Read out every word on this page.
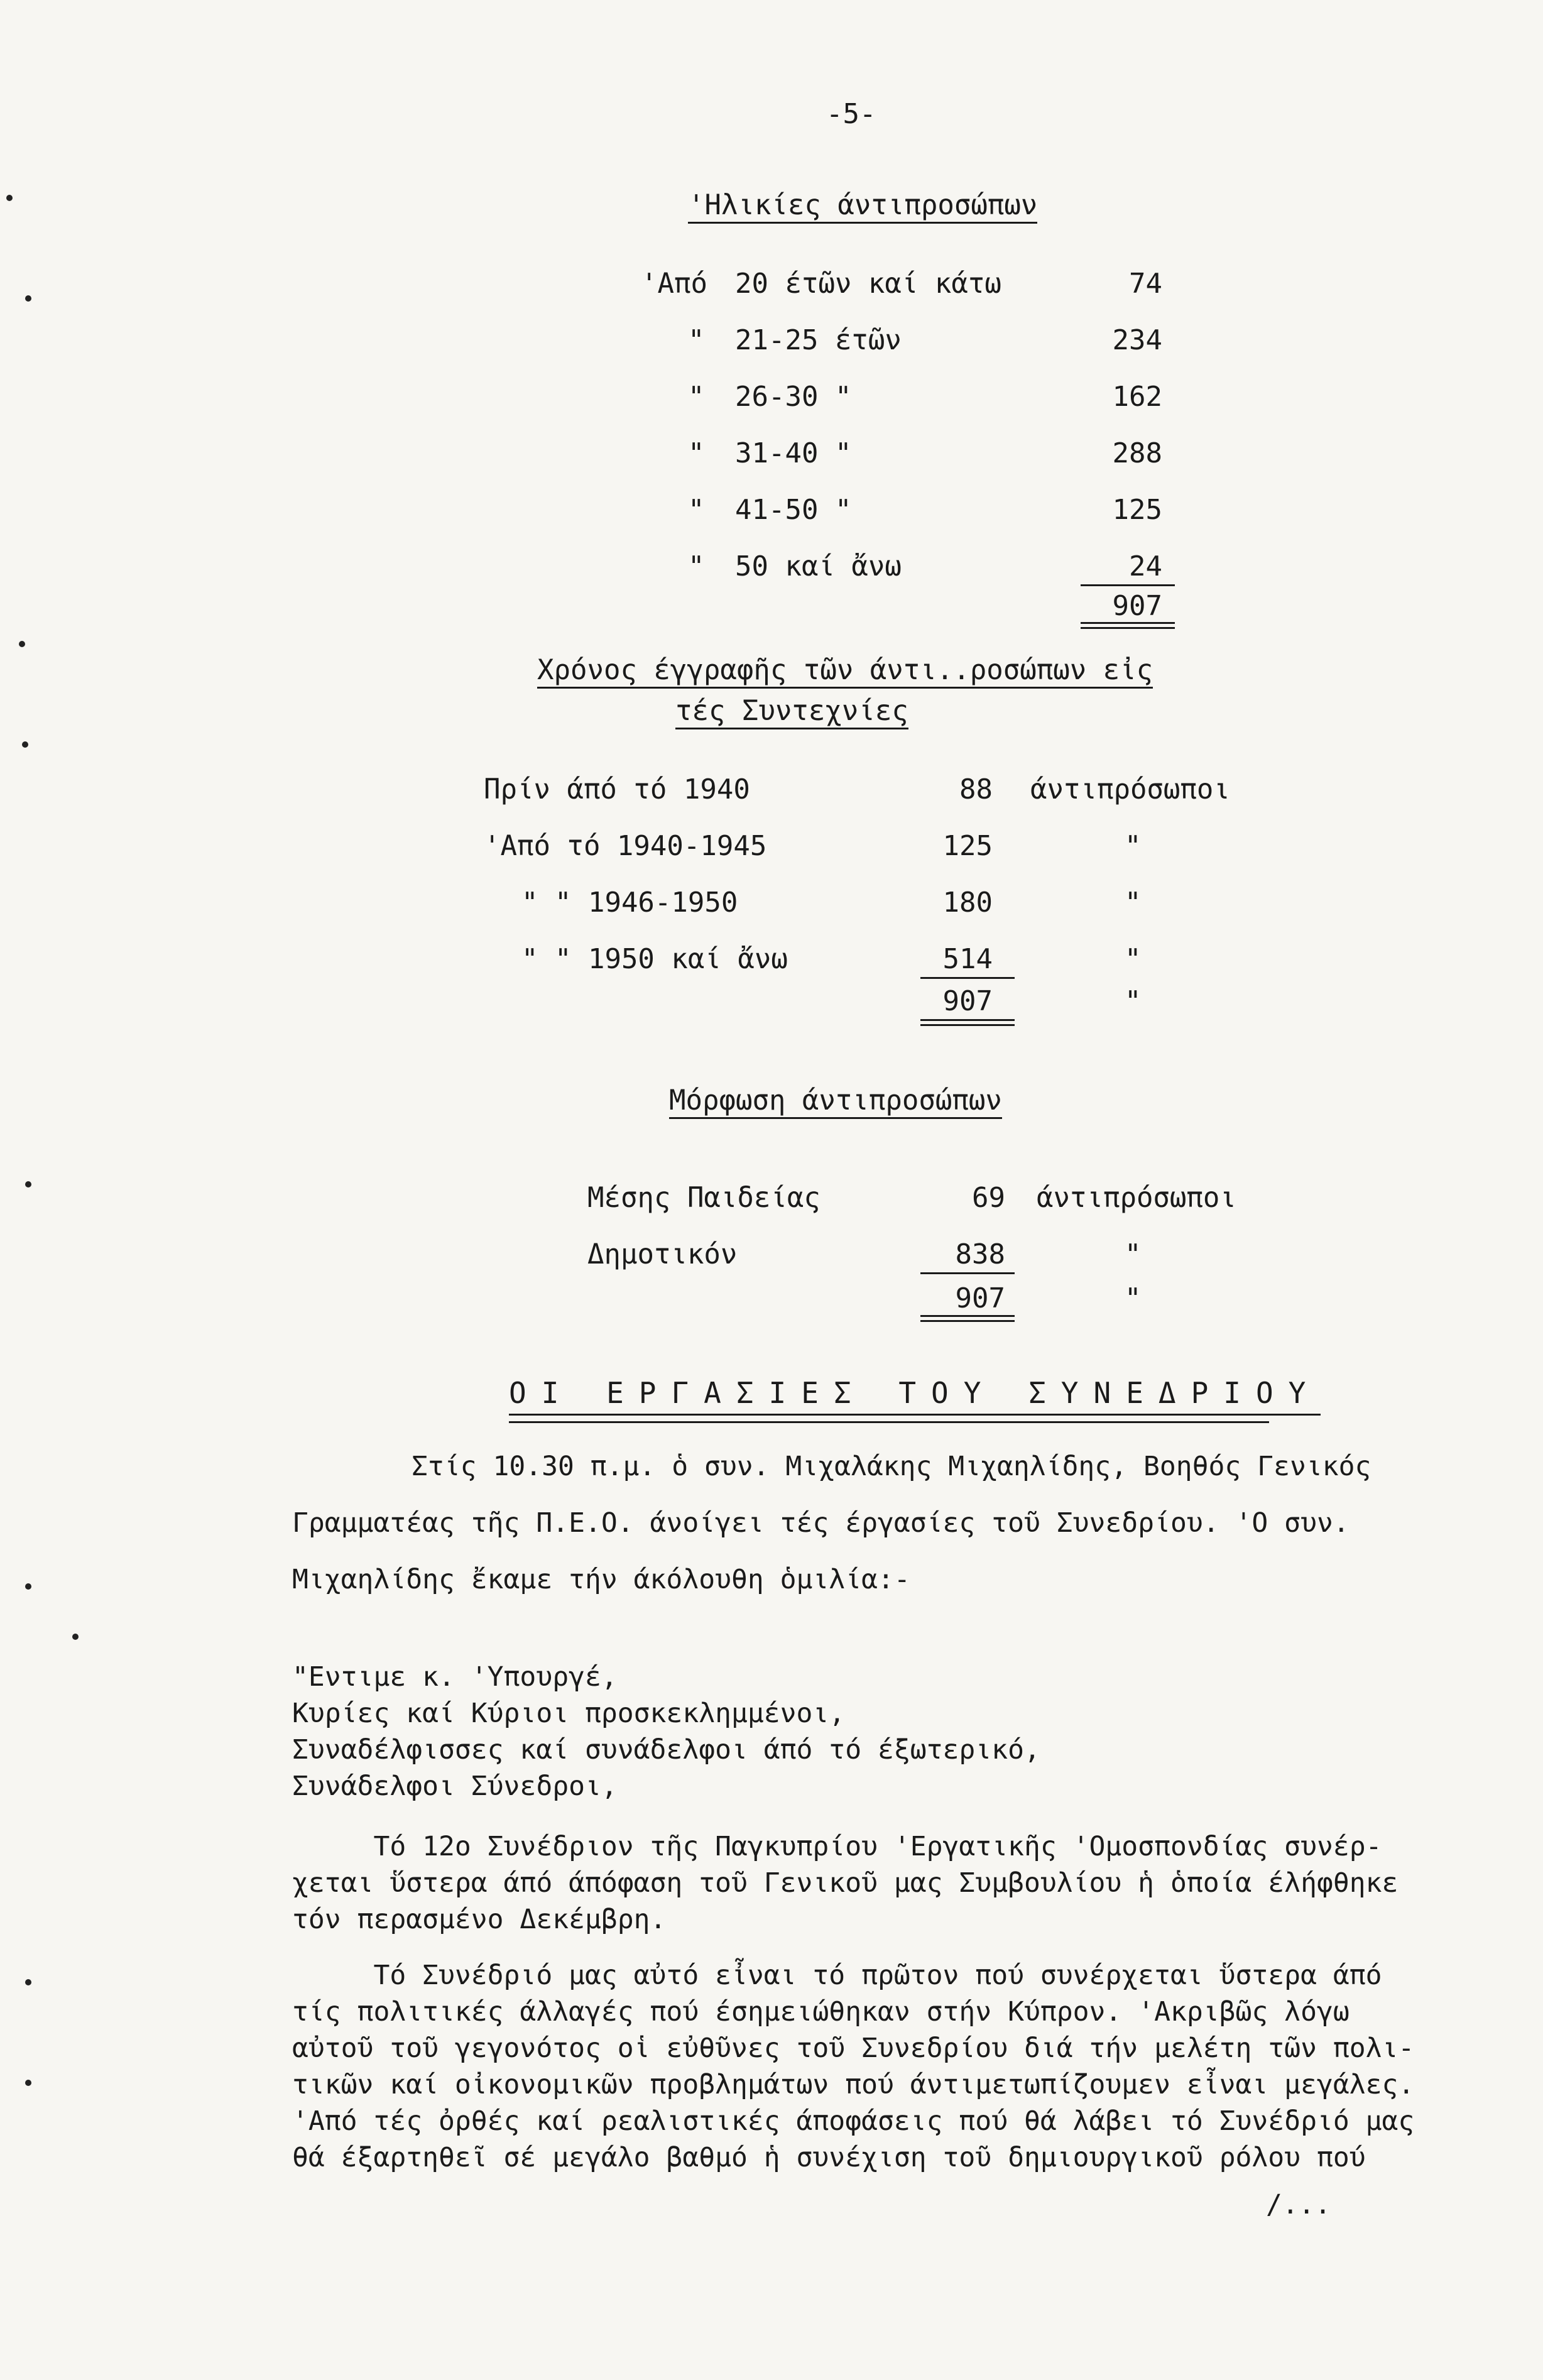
-5-
'Ηλικίες άντιπροσώπων
'Από 20 έτῶν καί κάτω	74
" 21-25 έτῶν	234
" 26-30 "	162
" 31-40 "	288
" 41-50 "	125
" 50 καί ἄνω	24
907
Χρόνος έγγραφῆς τῶν άντι..ροσώπων εἰς
τές Συντεχνίες
Πρίν άπό τό 1940	88 άντιπρόσωποι
'Από τό 1940-1945	125	"
" " 1946-1950	180	"
" " 1950 καί ἄνω	514	"
907	"
Μόρφωση άντιπροσώπων
Μέσης Παιδείας	69 άντιπρόσωποι
Δημοτικόν	838	"
907	"
ΟΙ ΕΡΓΑΣΙΕΣ ΤΟΥ ΣΥΝΕΔΡΙΟΥ
Στίς 10.30 π.μ. ὁ συν. Μιχαλάκης Μιχαηλίδης, Βοηθός Γενικός
Γραμματέας τῆς Π.Ε.Ο. άνοίγει τές έργασίες τοῦ Συνεδρίου. 'Ο συν.
Μιχαηλίδης ἔκαμε τήν άκόλουθη ὁμιλία:-
"Εντιμε κ. 'Υπουργέ,
Κυρίες καί Κύριοι προσκεκλημμένοι,
Συναδέλφισσες καί συνάδελφοι άπό τό έξωτερικό,
Συνάδελφοι Σύνεδροι,
Τό 12ο Συνέδριον τῆς Παγκυπρίου 'Εργατικῆς 'Ομοσπονδίας συνέρ-
χεται ὕστερα άπό άπόφαση τοῦ Γενικοῦ μας Συμβουλίου ἡ ὁποία έλήφθηκε
τόν περασμένο Δεκέμβρη.
Τό Συνέδριό μας αὐτό εἶναι τό πρῶτον πού συνέρχεται ὕστερα άπό
τίς πολιτικές άλλαγές πού έσημειώθηκαν στήν Κύπρον. 'Ακριβῶς λόγω
αὐτοῦ τοῦ γεγονότος οἱ εὐθῦνες τοῦ Συνεδρίου διά τήν μελέτη τῶν πολι-
τικῶν καί οἰκονομικῶν προβλημάτων πού άντιμετωπίζουμεν εἶναι μεγάλες.
'Από τές ὀρθές καί ρεαλιστικές άποφάσεις πού θά λάβει τό Συνέδριό μας
θά έξαρτηθεῖ σέ μεγάλο βαθμό ἡ συνέχιση τοῦ δημιουργικοῦ ρόλου πού
/...
